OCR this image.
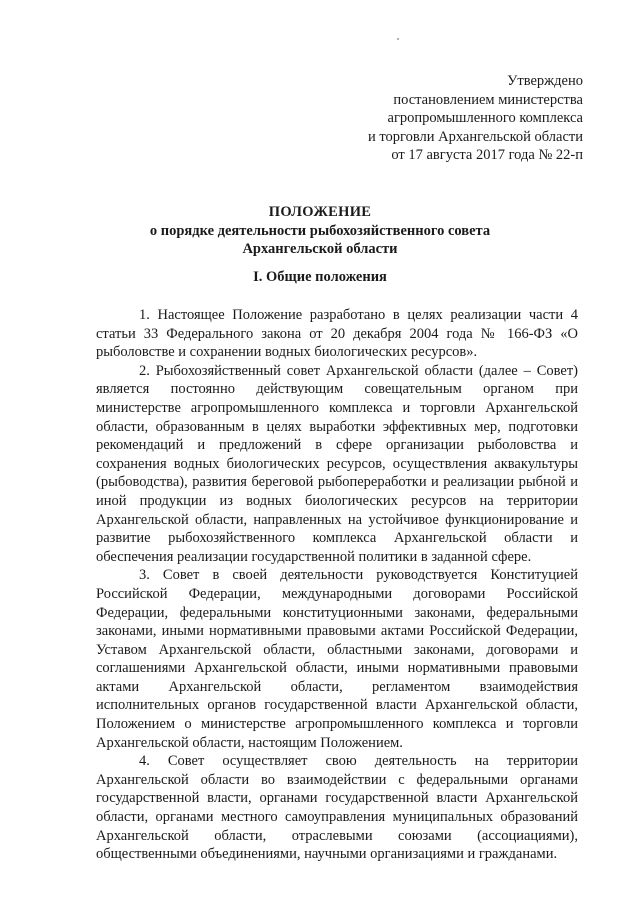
Утверждено
постановлением министерства
агропромышленного комплекса
и торговли Архангельской области
от 17 августа 2017 года № 22-п
ПОЛОЖЕНИЕ
о порядке деятельности рыбохозяйственного совета
Архангельской области
I. Общие положения

1. Настоящее Положение разработано в целях реализации части 4 статьи 33 Федерального закона от 20 декабря 2004 года № 166-ФЗ «О рыболовстве и сохранении водных биологических ресурсов».

2. Рыбохозяйственный совет Архангельской области (далее – Совет) является постоянно действующим совещательным органом при министерстве агропромышленного комплекса и торговли Архангельской области, образованным в целях выработки эффективных мер, подготовки рекомендаций и предложений в сфере организации рыболовства и сохранения водных биологических ресурсов, осуществления аквакультуры (рыбоводства), развития береговой рыбопереработки и реализации рыбной и иной продукции из водных биологических ресурсов на территории Архангельской области, направленных на устойчивое функционирование и развитие рыбохозяйственного комплекса Архангельской области и обеспечения реализации государственной политики в заданной сфере.

3. Совет в своей деятельности руководствуется Конституцией Российской Федерации, международными договорами Российской Федерации, федеральными конституционными законами, федеральными законами, иными нормативными правовыми актами Российской Федерации, Уставом Архангельской области, областными законами, договорами и соглашениями Архангельской области, иными нормативными правовыми актами Архангельской области, регламентом взаимодействия исполнительных органов государственной власти Архангельской области, Положением о министерстве агропромышленного комплекса и торговли Архангельской области, настоящим Положением.

4. Совет осуществляет свою деятельность на территории Архангельской области во взаимодействии с федеральными органами государственной власти, органами государственной власти Архангельской области, органами местного самоуправления муниципальных образований Архангельской области, отраслевыми союзами (ассоциациями), общественными объединениями, научными организациями и гражданами.
